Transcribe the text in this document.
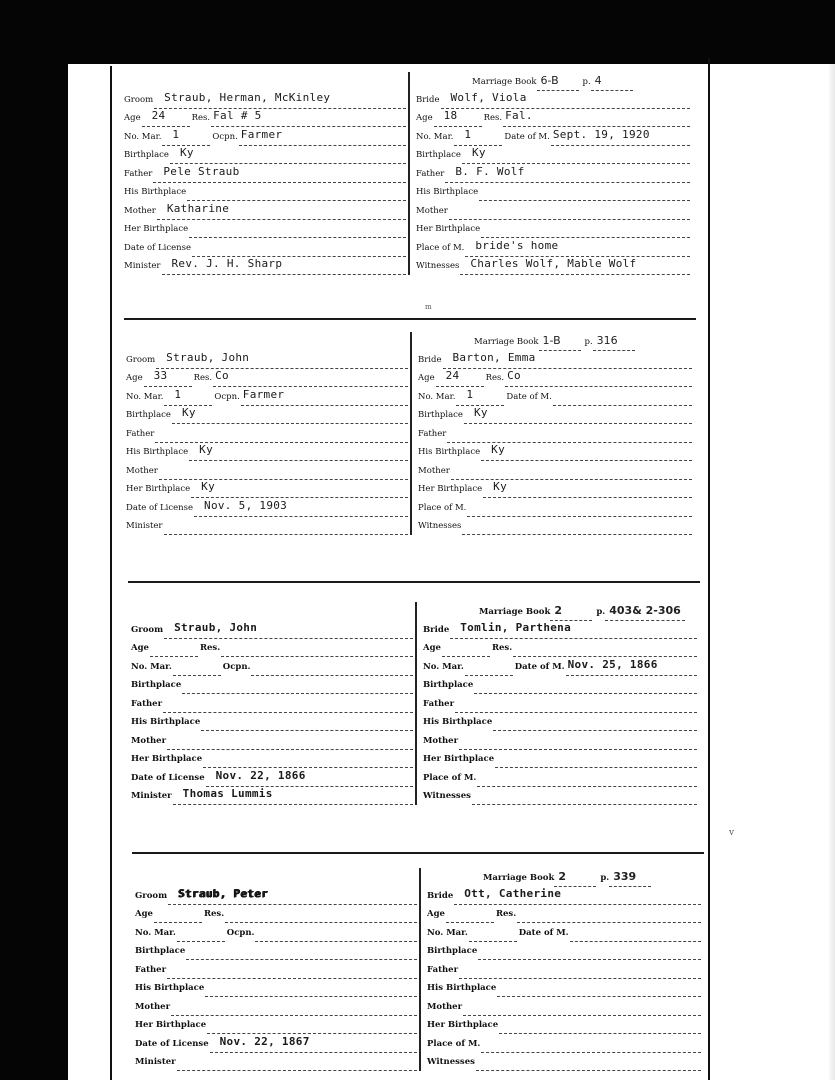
m
v
Groom Straub, Herman, McKinley
Age 24	Res. Fal # 5
No. Mar. 1	Ocpn. Farmer
Birthplace Ky
Father Pele Straub
His Birthplace
Mother Katharine
Her Birthplace
Date of License
Minister Rev. J. H. Sharp
Marriage Book 6-B	p. 4
Bride Wolf, Viola
Age 18	Res. Fal.
No. Mar. 1	Date of M. Sept. 19, 1920
Birthplace Ky
Father B. F. Wolf
His Birthplace
Mother
Her Birthplace
Place of M. bride's home
Witnesses Charles Wolf, Mable Wolf
Groom Straub, John
Age 33	Res. Co
No. Mar. 1	Ocpn. Farmer
Birthplace Ky
Father
His Birthplace Ky
Mother
Her Birthplace Ky
Date of License Nov. 5, 1903
Minister
Marriage Book 1-B	p. 316
Bride Barton, Emma
Age 24	Res. Co
No. Mar. 1	Date of M.
Birthplace Ky
Father
His Birthplace Ky
Mother
Her Birthplace Ky
Place of M.
Witnesses
Groom Straub, John
Age	Res.
No. Mar.	Ocpn.
Birthplace
Father
His Birthplace
Mother
Her Birthplace
Date of License Nov. 22, 1866
Minister Thomas Lummis
Marriage Book 2	p. 403& 2-306
Bride Tomlin, Parthena
Age	Res.
No. Mar.	Date of M. Nov. 25, 1866
Birthplace
Father
His Birthplace
Mother
Her Birthplace
Place of M.
Witnesses
Groom Straub, Peter
Age	Res.
No. Mar.	Ocpn.
Birthplace
Father
His Birthplace
Mother
Her Birthplace
Date of License Nov. 22, 1867
Minister
Marriage Book 2	p. 339
Bride Ott, Catherine
Age	Res.
No. Mar.	Date of M.
Birthplace
Father
His Birthplace
Mother
Her Birthplace
Place of M.
Witnesses
